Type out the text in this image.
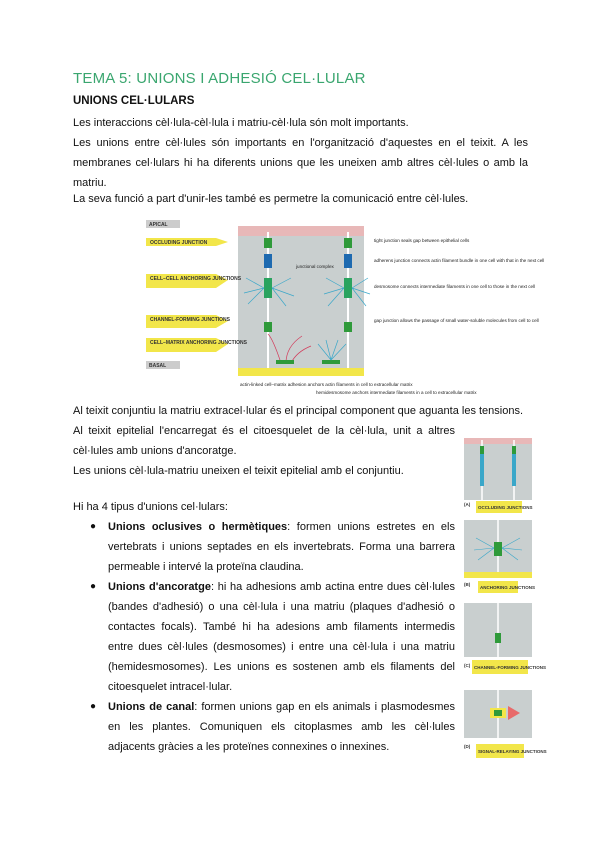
TEMA 5: UNIONS I ADHESIÓ CEL·LULAR
UNIONS CEL·LULARS
Les interaccions cèl·lula-cèl·lula i matriu-cèl·lula són molt importants.
Les unions entre cèl·lules són importants en l'organització d'aquestes en el teixit. A les membranes cel·lulars hi ha diferents unions que les uneixen amb altres cèl·lules o amb la matriu.
La seva funció a part d'unir-les també es permetre la comunicació entre cèl·lules.
APICAL
BASAL
OCCLUDING JUNCTION
CELL–CELL ANCHORING JUNCTIONS
CHANNEL-FORMING JUNCTIONS
CELL–MATRIX ANCHORING JUNCTIONS
junctional complex
tight junction seals gap between epithelial cells
adherens junction connects actin filament bundle in one cell with that in the next cell
desmosome connects intermediate filaments in one cell to those in the next cell
gap junction allows the passage of small water-soluble molecules from cell to cell
actin-linked cell–matrix adhesion anchors actin filaments in cell to extracellular matrix
hemidesmosome anchors intermediate filaments in a cell to extracellular matrix
Al teixit conjuntiu la matriu extracel·lular és el principal component que aguanta les tensions.
Al teixit epitelial l'encarregat és el citoesquelet de la cèl·lula, unit a altres cèl·lules amb unions d'ancoratge.
Les unions cèl·lula-matriu uneixen el teixit epitelial amb el conjuntiu.
Hi ha 4 tipus d'unions cel·lulars:
● Unions oclusives o hermètiques: formen unions estretes en els vertebrats i unions septades en els invertebrats. Forma una barrera permeable i intervé la proteïna claudina.
● Unions d'ancoratge: hi ha adhesions amb actina entre dues cèl·lules (bandes d'adhesió) o una cèl·lula i una matriu (plaques d'adhesió o contactes focals). També hi ha adesions amb filaments intermedis entre dues cèl·lules (desmosomes) i entre una cèl·lula i una matriu (hemidesmosomes). Les unions es sostenen amb els filaments del citoesquelet intracel·lular.
● Unions de canal: formen unions gap en els animals i plasmodesmes en les plantes. Comuniquen els citoplasmes amb les cèl·lules adjacents gràcies a les proteïnes connexines o innexines.
(A)
OCCLUDING JUNCTIONS
(B)
ANCHORING JUNCTIONS
(C) CHANNEL-FORMING JUNCTIONS
(D)
SIGNAL-RELAYING JUNCTIONS
